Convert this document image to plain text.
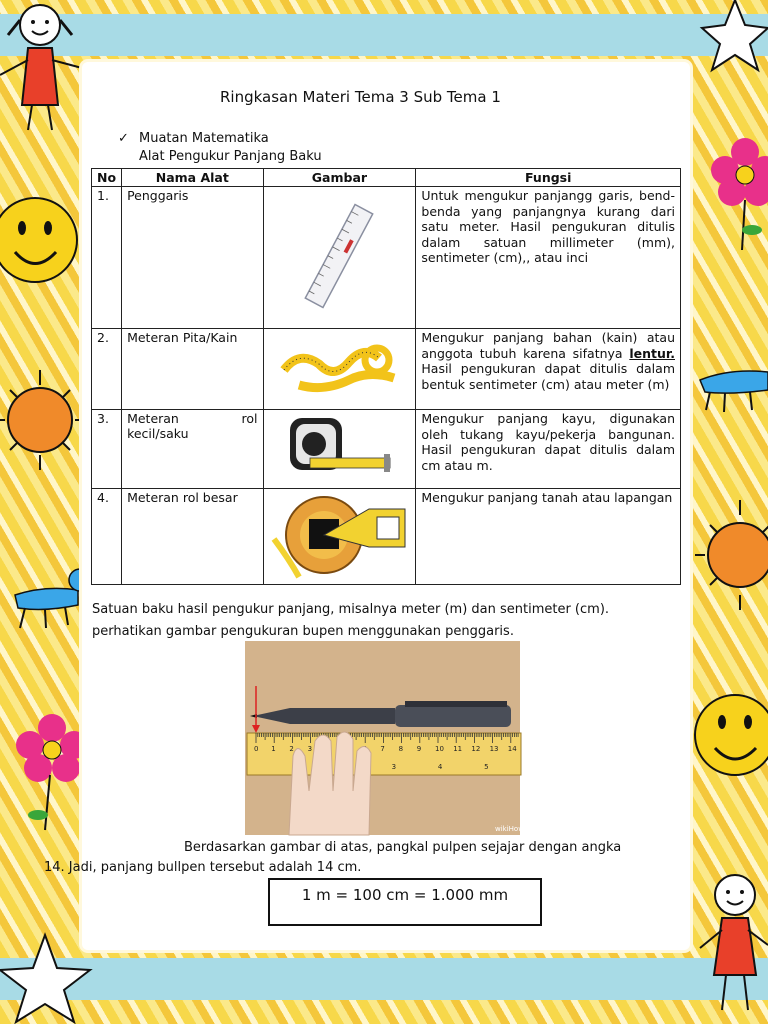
Ringkasan Materi Tema 3 Sub Tema 1
✓ Muatan Matematika
Alat Pengukur Panjang Baku
No	Nama Alat	Gambar	Fungsi
1.	Penggaris		Untuk mengukur panjangg garis, bend-benda yang panjangnya kurang dari satu meter. Hasil pengukuran ditulis dalam satuan millimeter (mm), sentimeter (cm),, atau inci
2.	Meteran Pita/Kain		Mengukur panjang bahan (kain) atau anggota tubuh karena sifatnya lentur. Hasil pengukuran dapat ditulis dalam bentuk sentimeter (cm) atau meter (m)
3.	Meteran rol kecil/saku		Mengukur panjang kayu, digunakan oleh tukang kayu/pekerja bangunan. Hasil pengukuran dapat ditulis dalam cm atau m.
4.	Meteran rol besar		Mengukur panjang tanah atau lapangan
Satuan baku hasil pengukur panjang, misalnya meter (m) dan sentimeter (cm).
perhatikan gambar pengukuran bupen menggunakan penggaris.
0 1 2 3	7 8 9 10 11 12 13 14
3	4	5
wikiHow
Berdasarkan gambar di atas, pangkal pulpen sejajar dengan angka
14. Jadi, panjang bullpen tersebut adalah 14 cm.
1 m = 100 cm = 1.000 mm
